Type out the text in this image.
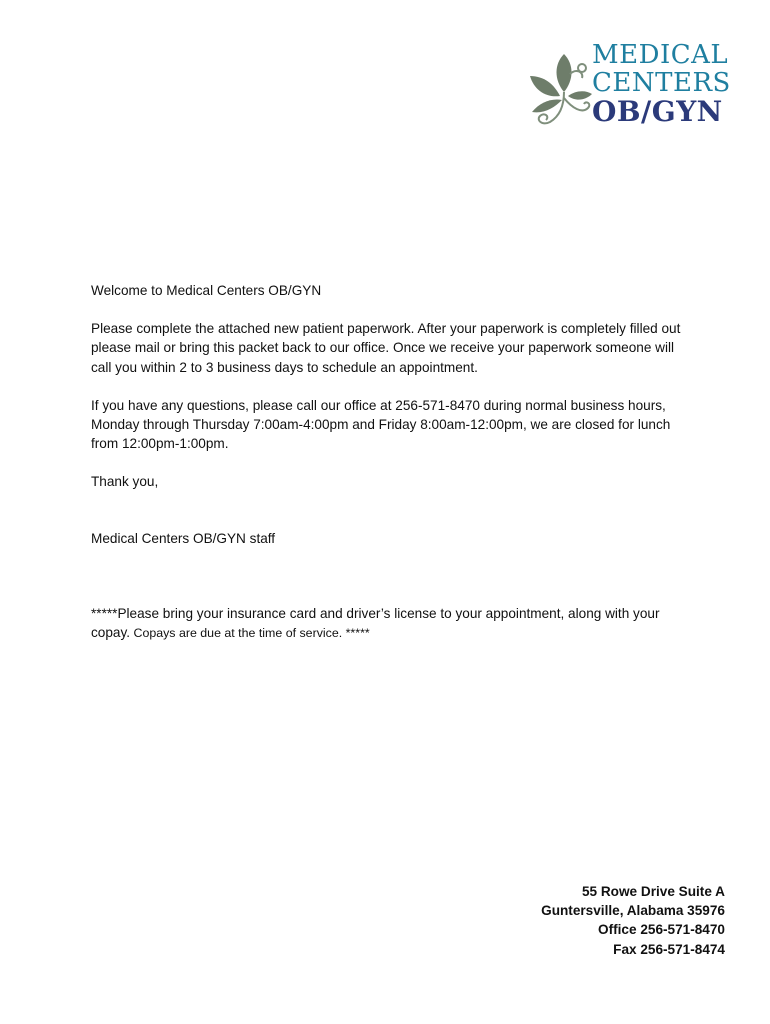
MEDICAL
CENTERS
OB/GYN

Welcome to Medical Centers OB/GYN

Please complete the attached new patient paperwork. After your paperwork is completely filled out please mail or bring this packet back to our office. Once we receive your paperwork someone will call you within 2 to 3 business days to schedule an appointment.

If you have any questions, please call our office at 256-571-8470 during normal business hours, Monday through Thursday 7:00am-4:00pm and Friday 8:00am-12:00pm, we are closed for lunch from 12:00pm-1:00pm.

Thank you,

Medical Centers OB/GYN staff

*****Please bring your insurance card and driver’s license to your appointment, along with your copay. Copays are due at the time of service. *****

55 Rowe Drive Suite A
Guntersville, Alabama 35976
Office 256-571-8470
Fax 256-571-8474
